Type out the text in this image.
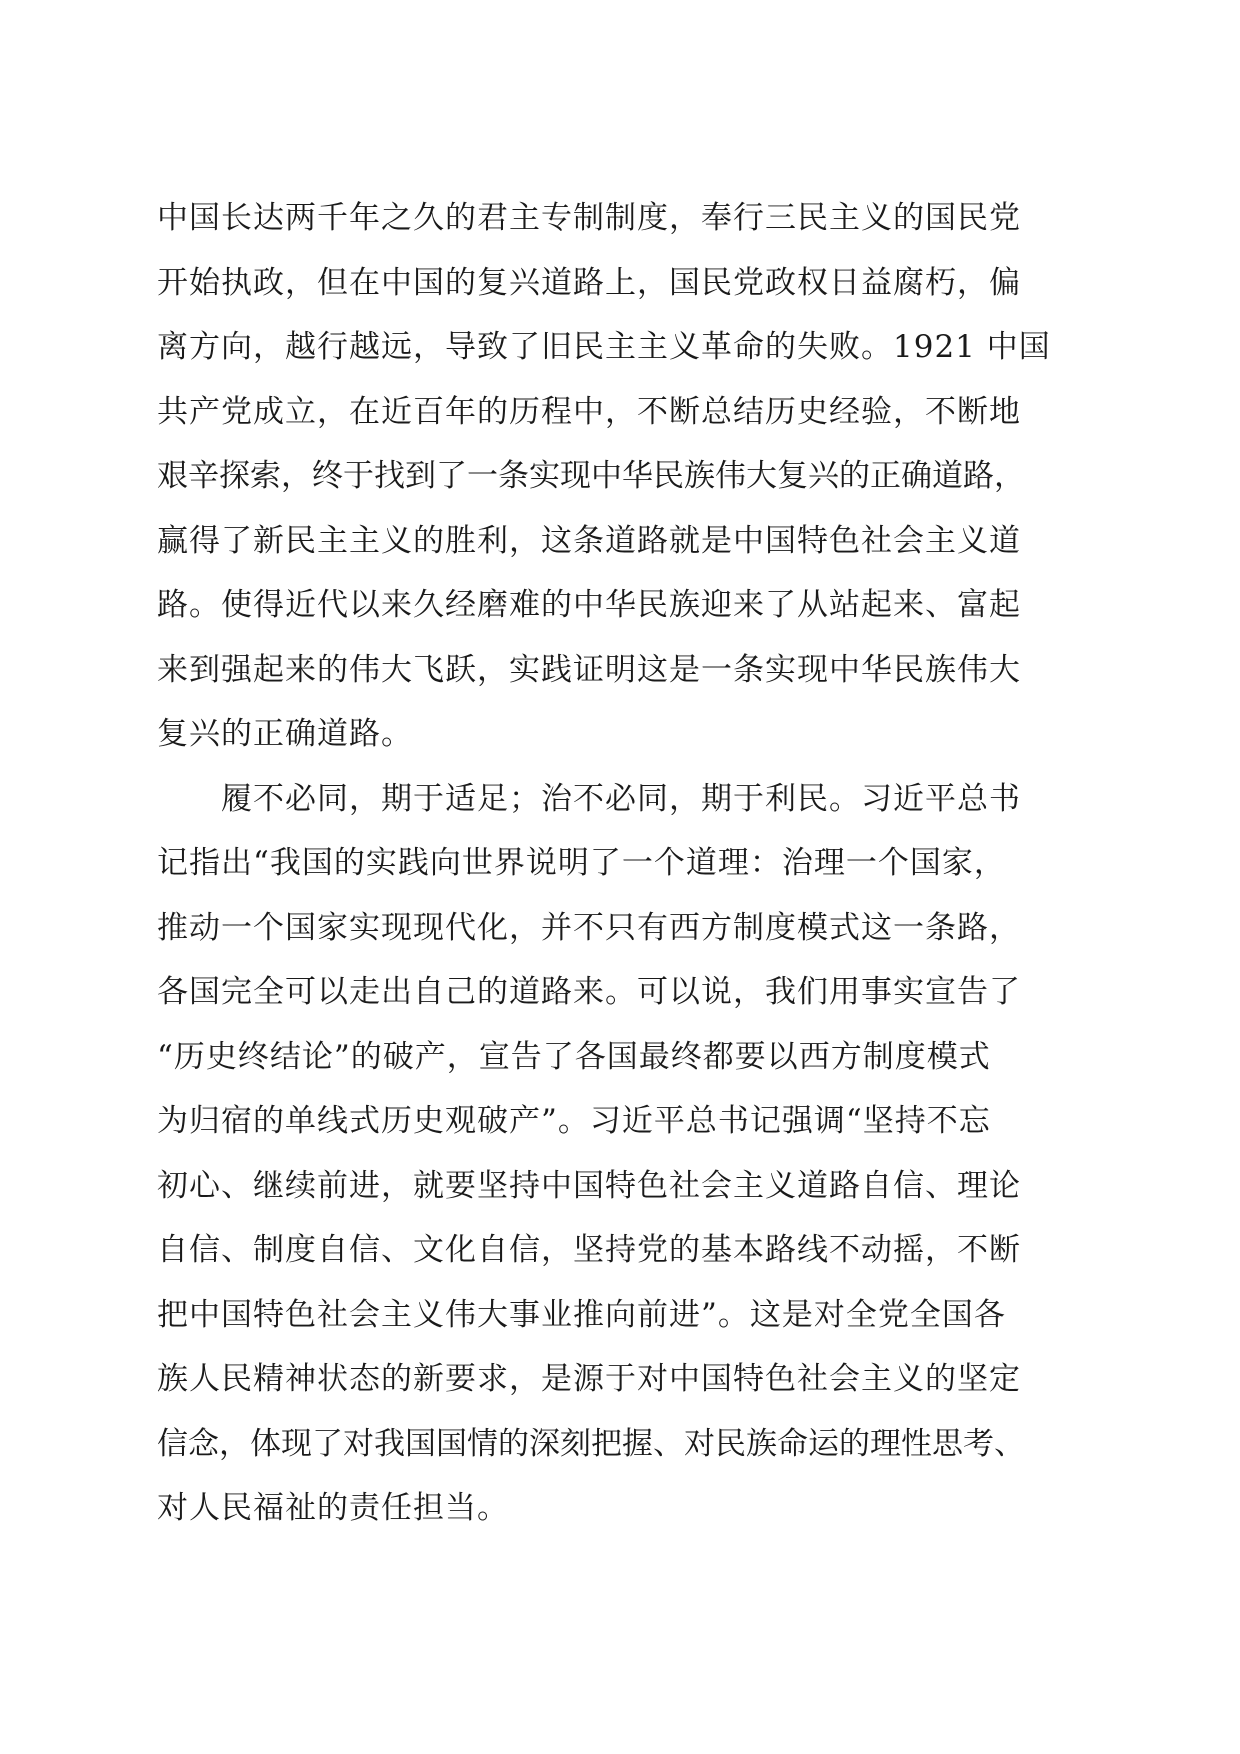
中国长达两千年之久的君主专制制度，奉行三民主义的国民党
开始执政，但在中国的复兴道路上，国民党政权日益腐朽，偏
离方向，越行越远，导致了旧民主主义革命的失败。1921 中国
共产党成立，在近百年的历程中，不断总结历史经验，不断地
艰辛探索，终于找到了一条实现中华民族伟大复兴的正确道路，
赢得了新民主主义的胜利，这条道路就是中国特色社会主义道
路。使得近代以来久经磨难的中华民族迎来了从站起来、富起
来到强起来的伟大飞跃，实践证明这是一条实现中华民族伟大
复兴的正确道路。
履不必同，期于适足；治不必同，期于利民。习近平总书
记指出“我国的实践向世界说明了一个道理：治理一个国家，
推动一个国家实现现代化，并不只有西方制度模式这一条路，
各国完全可以走出自己的道路来。可以说，我们用事实宣告了
“历史终结论”的破产，宣告了各国最终都要以西方制度模式
为归宿的单线式历史观破产”。习近平总书记强调“坚持不忘
初心、继续前进，就要坚持中国特色社会主义道路自信、理论
自信、制度自信、文化自信，坚持党的基本路线不动摇，不断
把中国特色社会主义伟大事业推向前进”。这是对全党全国各
族人民精神状态的新要求，是源于对中国特色社会主义的坚定
信念，体现了对我国国情的深刻把握、对民族命运的理性思考、
对人民福祉的责任担当。
